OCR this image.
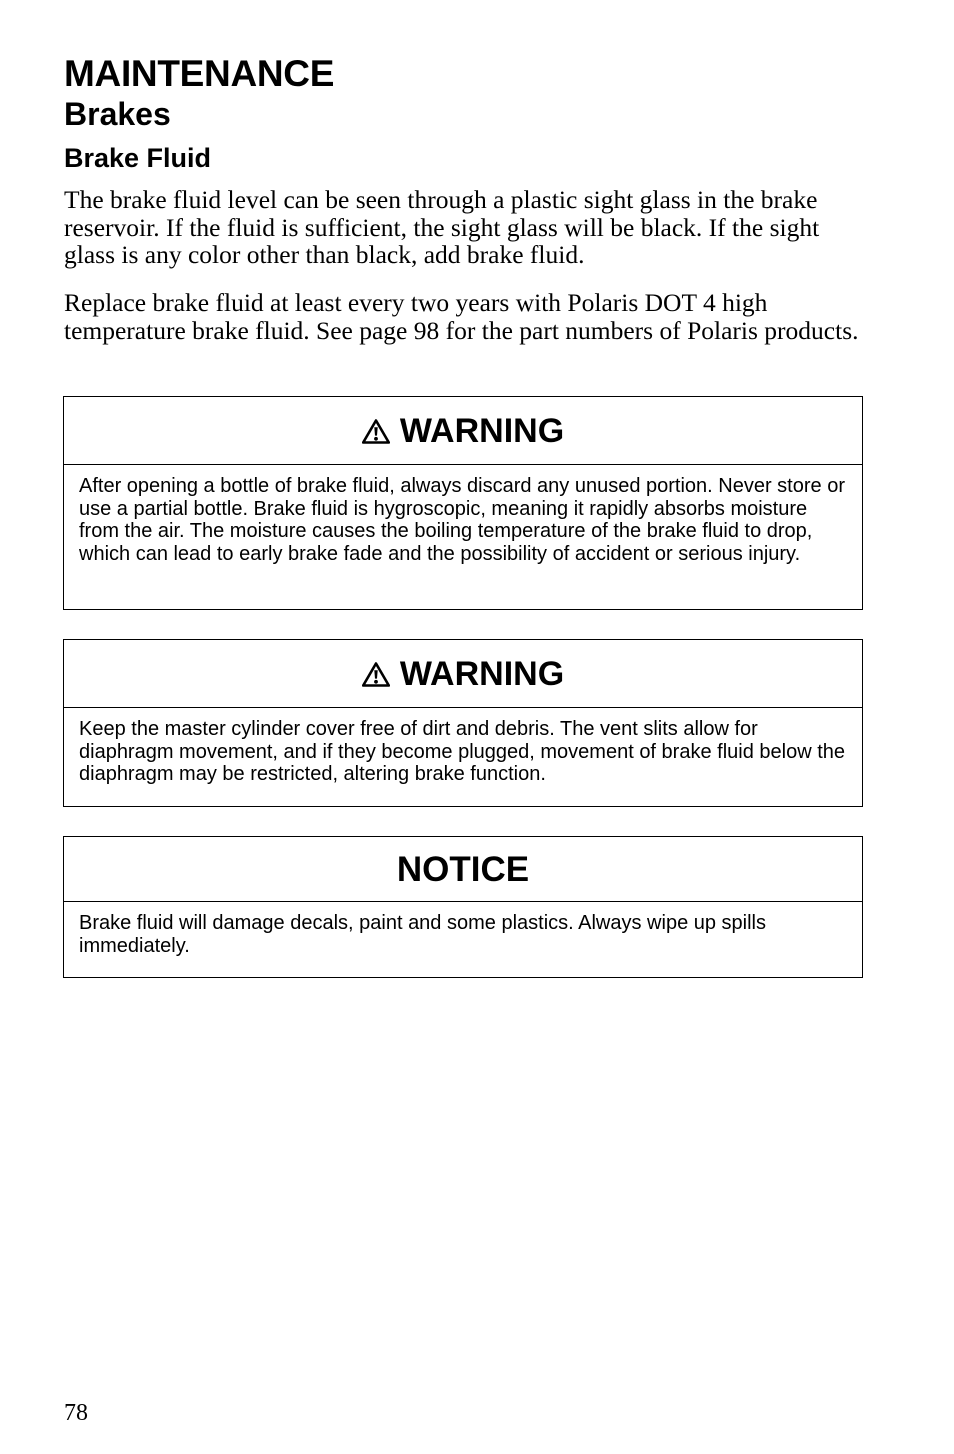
MAINTENANCE
Brakes
Brake Fluid

The brake fluid level can be seen through a plastic sight glass in the brake reservoir. If the fluid is sufficient, the sight glass will be black. If the sight glass is any color other than black, add brake fluid.

Replace brake fluid at least every two years with Polaris DOT 4 high temperature brake fluid. See page 98 for the part numbers of Polaris products.

WARNING
After opening a bottle of brake fluid, always discard any unused portion. Never store or use a partial bottle. Brake fluid is hygroscopic, meaning it rapidly absorbs moisture from the air. The moisture causes the boiling temperature of the brake fluid to drop, which can lead to early brake fade and the possibility of accident or serious injury.
WARNING
Keep the master cylinder cover free of dirt and debris. The vent slits allow for diaphragm movement, and if they become plugged, movement of brake fluid below the diaphragm may be restricted, altering brake function.
NOTICE
Brake fluid will damage decals, paint and some plastics. Always wipe up spills immediately.
78
